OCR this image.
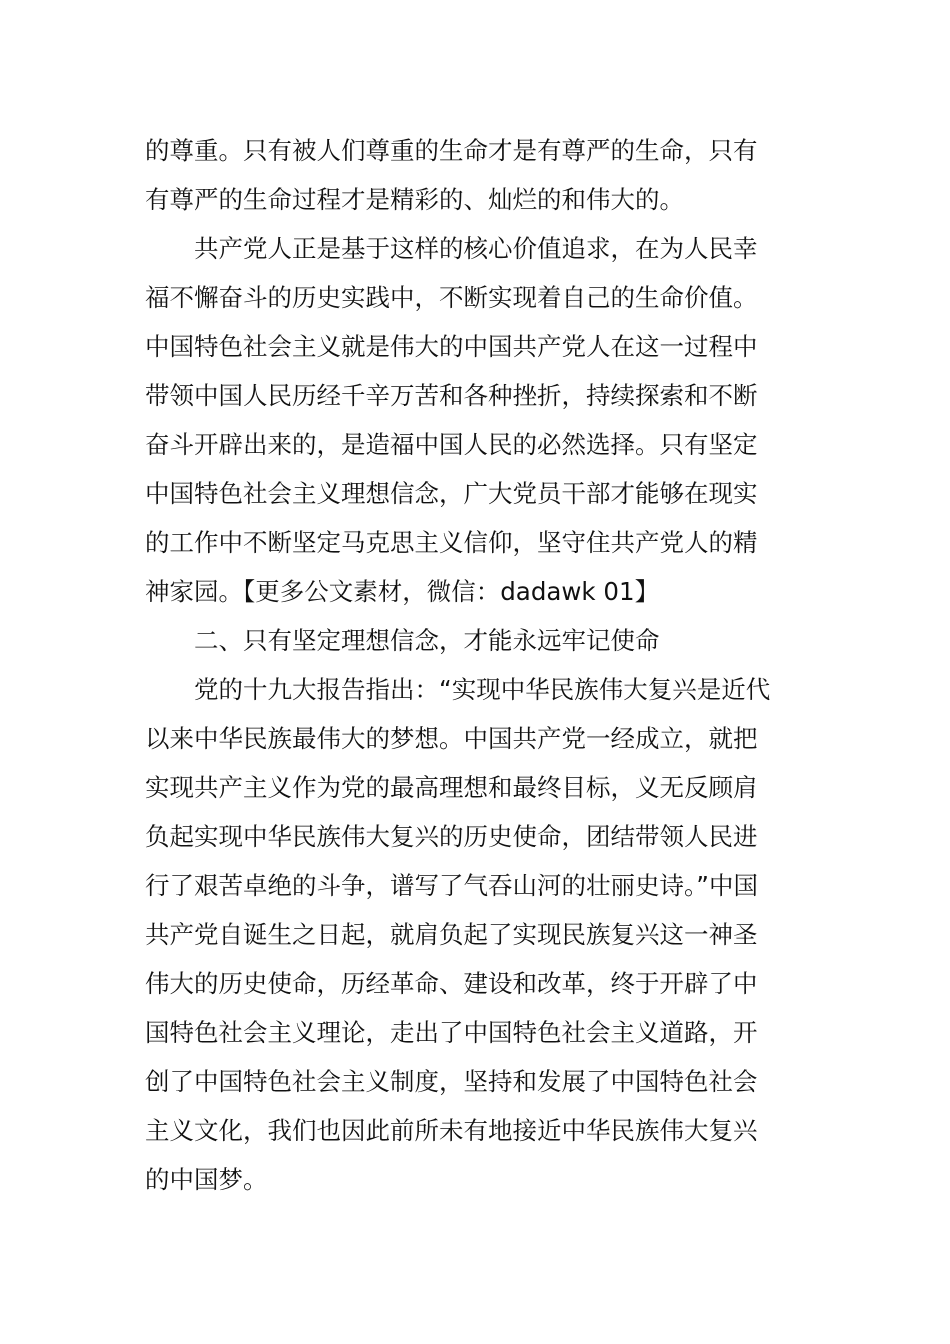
的尊重。只有被人们尊重的生命才是有尊严的生命，只有
有尊严的生命过程才是精彩的、灿烂的和伟大的。
共产党人正是基于这样的核心价值追求，在为人民幸
福不懈奋斗的历史实践中，不断实现着自己的生命价值。
中国特色社会主义就是伟大的中国共产党人在这一过程中
带领中国人民历经千辛万苦和各种挫折，持续探索和不断
奋斗开辟出来的，是造福中国人民的必然选择。只有坚定
中国特色社会主义理想信念，广大党员干部才能够在现实
的工作中不断坚定马克思主义信仰，坚守住共产党人的精
神家园。【更多公文素材，微信：dadawk 01】
二、只有坚定理想信念，才能永远牢记使命
党的十九大报告指出：“实现中华民族伟大复兴是近代
以来中华民族最伟大的梦想。中国共产党一经成立，就把
实现共产主义作为党的最高理想和最终目标，义无反顾肩
负起实现中华民族伟大复兴的历史使命，团结带领人民进
行了艰苦卓绝的斗争，谱写了气吞山河的壮丽史诗。”中国
共产党自诞生之日起，就肩负起了实现民族复兴这一神圣
伟大的历史使命，历经革命、建设和改革，终于开辟了中
国特色社会主义理论，走出了中国特色社会主义道路，开
创了中国特色社会主义制度，坚持和发展了中国特色社会
主义文化，我们也因此前所未有地接近中华民族伟大复兴
的中国梦。
